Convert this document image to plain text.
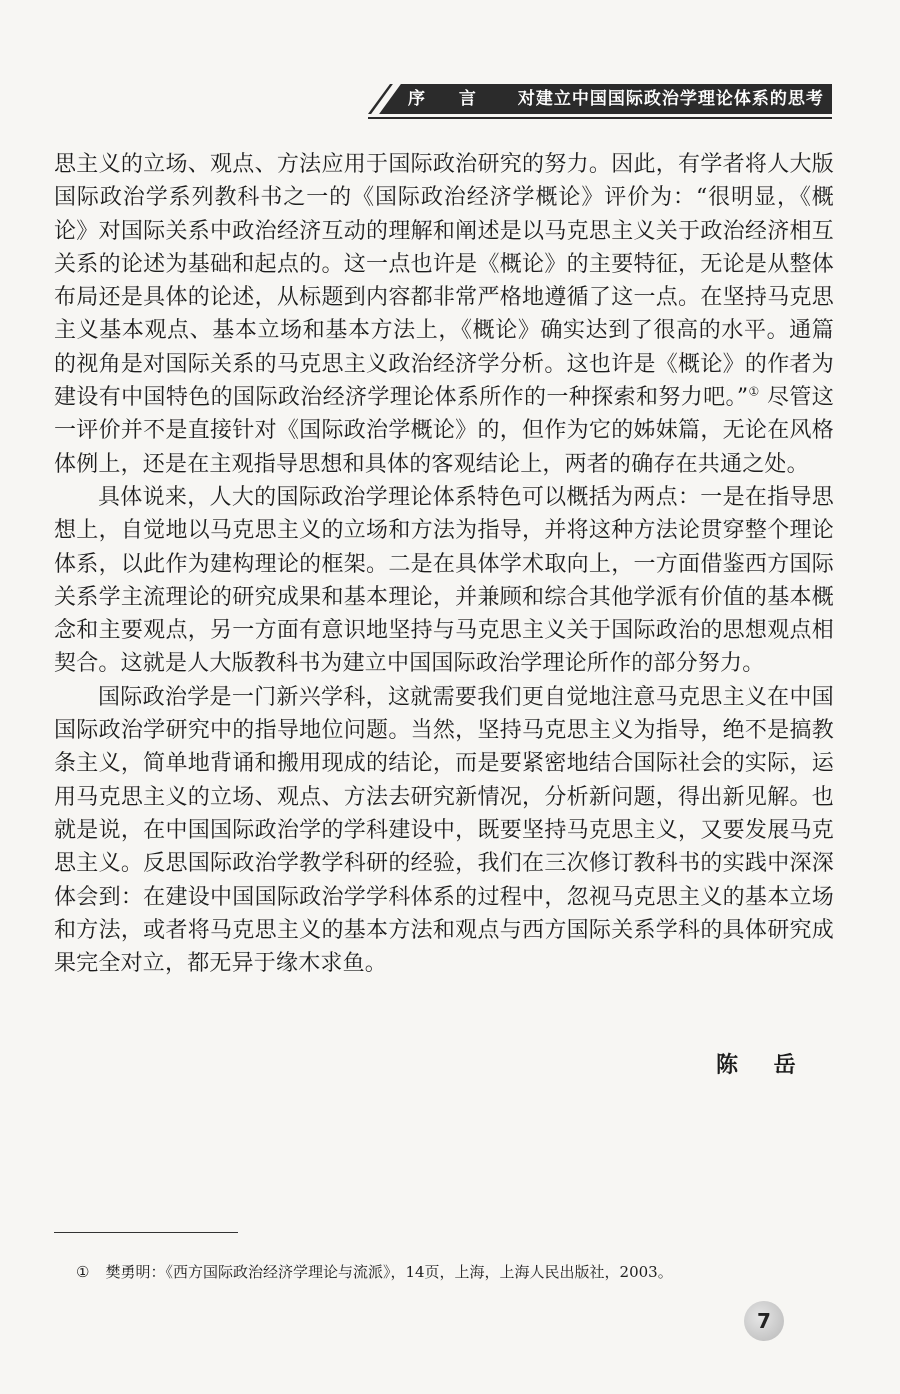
序 言 对建立中国国际政治学理论体系的思考

思主义的立场、观点、方法应用于国际政治研究的努力。因此，有学者将人大版国际政治学系列教科书之一的《国际政治经济学概论》评价为：“很明显，《概论》对国际关系中政治经济互动的理解和阐述是以马克思主义关于政治经济相互关系的论述为基础和起点的。这一点也许是《概论》的主要特征，无论是从整体布局还是具体的论述，从标题到内容都非常严格地遵循了这一点。在坚持马克思主义基本观点、基本立场和基本方法上，《概论》确实达到了很高的水平。通篇的视角是对国际关系的马克思主义政治经济学分析。这也许是《概论》的作者为建设有中国特色的国际政治经济学理论体系所作的一种探索和努力吧。”① 尽管这一评价并不是直接针对《国际政治学概论》的，但作为它的姊妹篇，无论在风格体例上，还是在主观指导思想和具体的客观结论上，两者的确存在共通之处。

具体说来，人大的国际政治学理论体系特色可以概括为两点：一是在指导思想上，自觉地以马克思主义的立场和方法为指导，并将这种方法论贯穿整个理论体系，以此作为建构理论的框架。二是在具体学术取向上，一方面借鉴西方国际关系学主流理论的研究成果和基本理论，并兼顾和综合其他学派有价值的基本概念和主要观点，另一方面有意识地坚持与马克思主义关于国际政治的思想观点相契合。这就是人大版教科书为建立中国国际政治学理论所作的部分努力。

国际政治学是一门新兴学科，这就需要我们更自觉地注意马克思主义在中国国际政治学研究中的指导地位问题。当然，坚持马克思主义为指导，绝不是搞教条主义，简单地背诵和搬用现成的结论，而是要紧密地结合国际社会的实际，运用马克思主义的立场、观点、方法去研究新情况，分析新问题，得出新见解。也就是说，在中国国际政治学的学科建设中，既要坚持马克思主义，又要发展马克思主义。反思国际政治学教学科研的经验，我们在三次修订教科书的实践中深深体会到：在建设中国国际政治学学科体系的过程中，忽视马克思主义的基本立场和方法，或者将马克思主义的基本方法和观点与西方国际关系学科的具体研究成果完全对立，都无异于缘木求鱼。

陈 岳
① 樊勇明：《西方国际政治经济学理论与流派》，14页，上海，上海人民出版社，2003。
7
